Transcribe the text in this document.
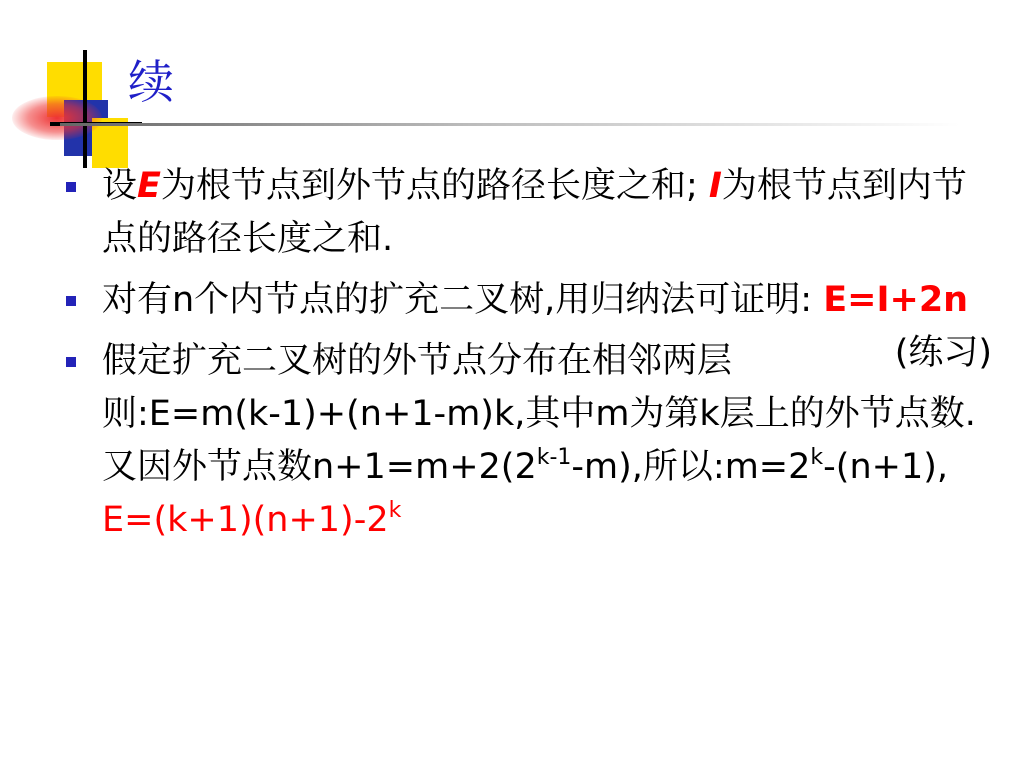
续

设E为根节点到外节点的路径长度之和; I为根节点到内节点的路径长度之和.

对有n个内节点的扩充二叉树,用归纳法可证明: E=I+2n
(练习)

假定扩充二叉树的外节点分布在相邻两层则:E=m(k-1)+(n+1-m)k,其中m为第k层上的外节点数.又因外节点数$n+1=m+2(2^{k-1}-m)$,所以$:m=2^k-(n+1)$, $E=(k+1)(n+1)-2^k$
